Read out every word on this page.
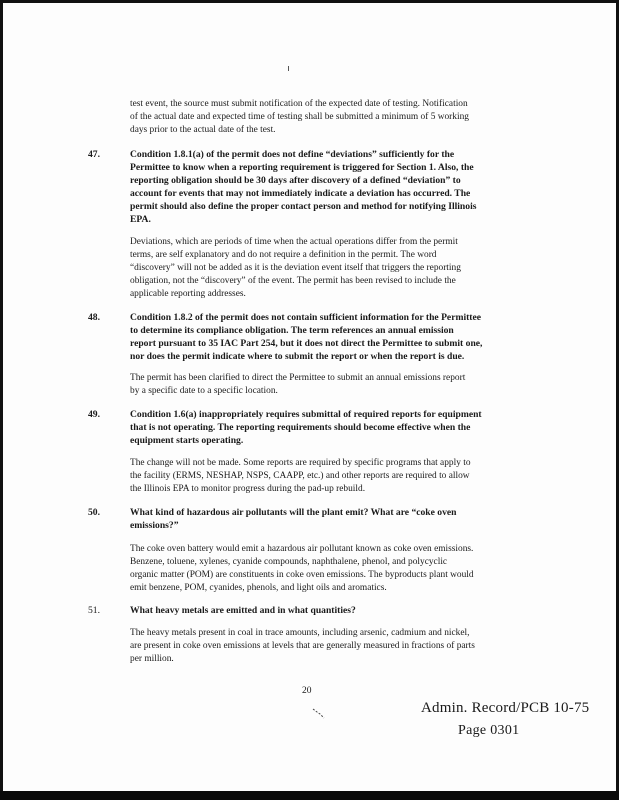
test event, the source must submit notification of the expected date of testing. Notification
of the actual date and expected time of testing shall be submitted a minimum of 5 working
days prior to the actual date of the test.
47.	Condition 1.8.1(a) of the permit does not define “deviations” sufficiently for the
Permittee to know when a reporting requirement is triggered for Section 1. Also, the
reporting obligation should be 30 days after discovery of a defined “deviation” to
account for events that may not immediately indicate a deviation has occurred. The
permit should also define the proper contact person and method for notifying Illinois
EPA.
Deviations, which are periods of time when the actual operations differ from the permit
terms, are self explanatory and do not require a definition in the permit. The word
“discovery” will not be added as it is the deviation event itself that triggers the reporting
obligation, not the “discovery” of the event. The permit has been revised to include the
applicable reporting addresses.
48.	Condition 1.8.2 of the permit does not contain sufficient information for the Permittee
to determine its compliance obligation. The term references an annual emission
report pursuant to 35 IAC Part 254, but it does not direct the Permittee to submit one,
nor does the permit indicate where to submit the report or when the report is due.
The permit has been clarified to direct the Permittee to submit an annual emissions report
by a specific date to a specific location.
49.	Condition 1.6(a) inappropriately requires submittal of required reports for equipment
that is not operating. The reporting requirements should become effective when the
equipment starts operating.
The change will not be made. Some reports are required by specific programs that apply to
the facility (ERMS, NESHAP, NSPS, CAAPP, etc.) and other reports are required to allow
the Illinois EPA to monitor progress during the pad-up rebuild.
50.	What kind of hazardous air pollutants will the plant emit? What are “coke oven
emissions?”
The coke oven battery would emit a hazardous air pollutant known as coke oven emissions.
Benzene, toluene, xylenes, cyanide compounds, naphthalene, phenol, and polycyclic
organic matter (POM) are constituents in coke oven emissions. The byproducts plant would
emit benzene, POM, cyanides, phenols, and light oils and aromatics.
51.	What heavy metals are emitted and in what quantities?
The heavy metals present in coal in trace amounts, including arsenic, cadmium and nickel,
are present in coke oven emissions at levels that are generally measured in fractions of parts
per million.
20
Admin. Record/PCB 10-75
Page 0301
